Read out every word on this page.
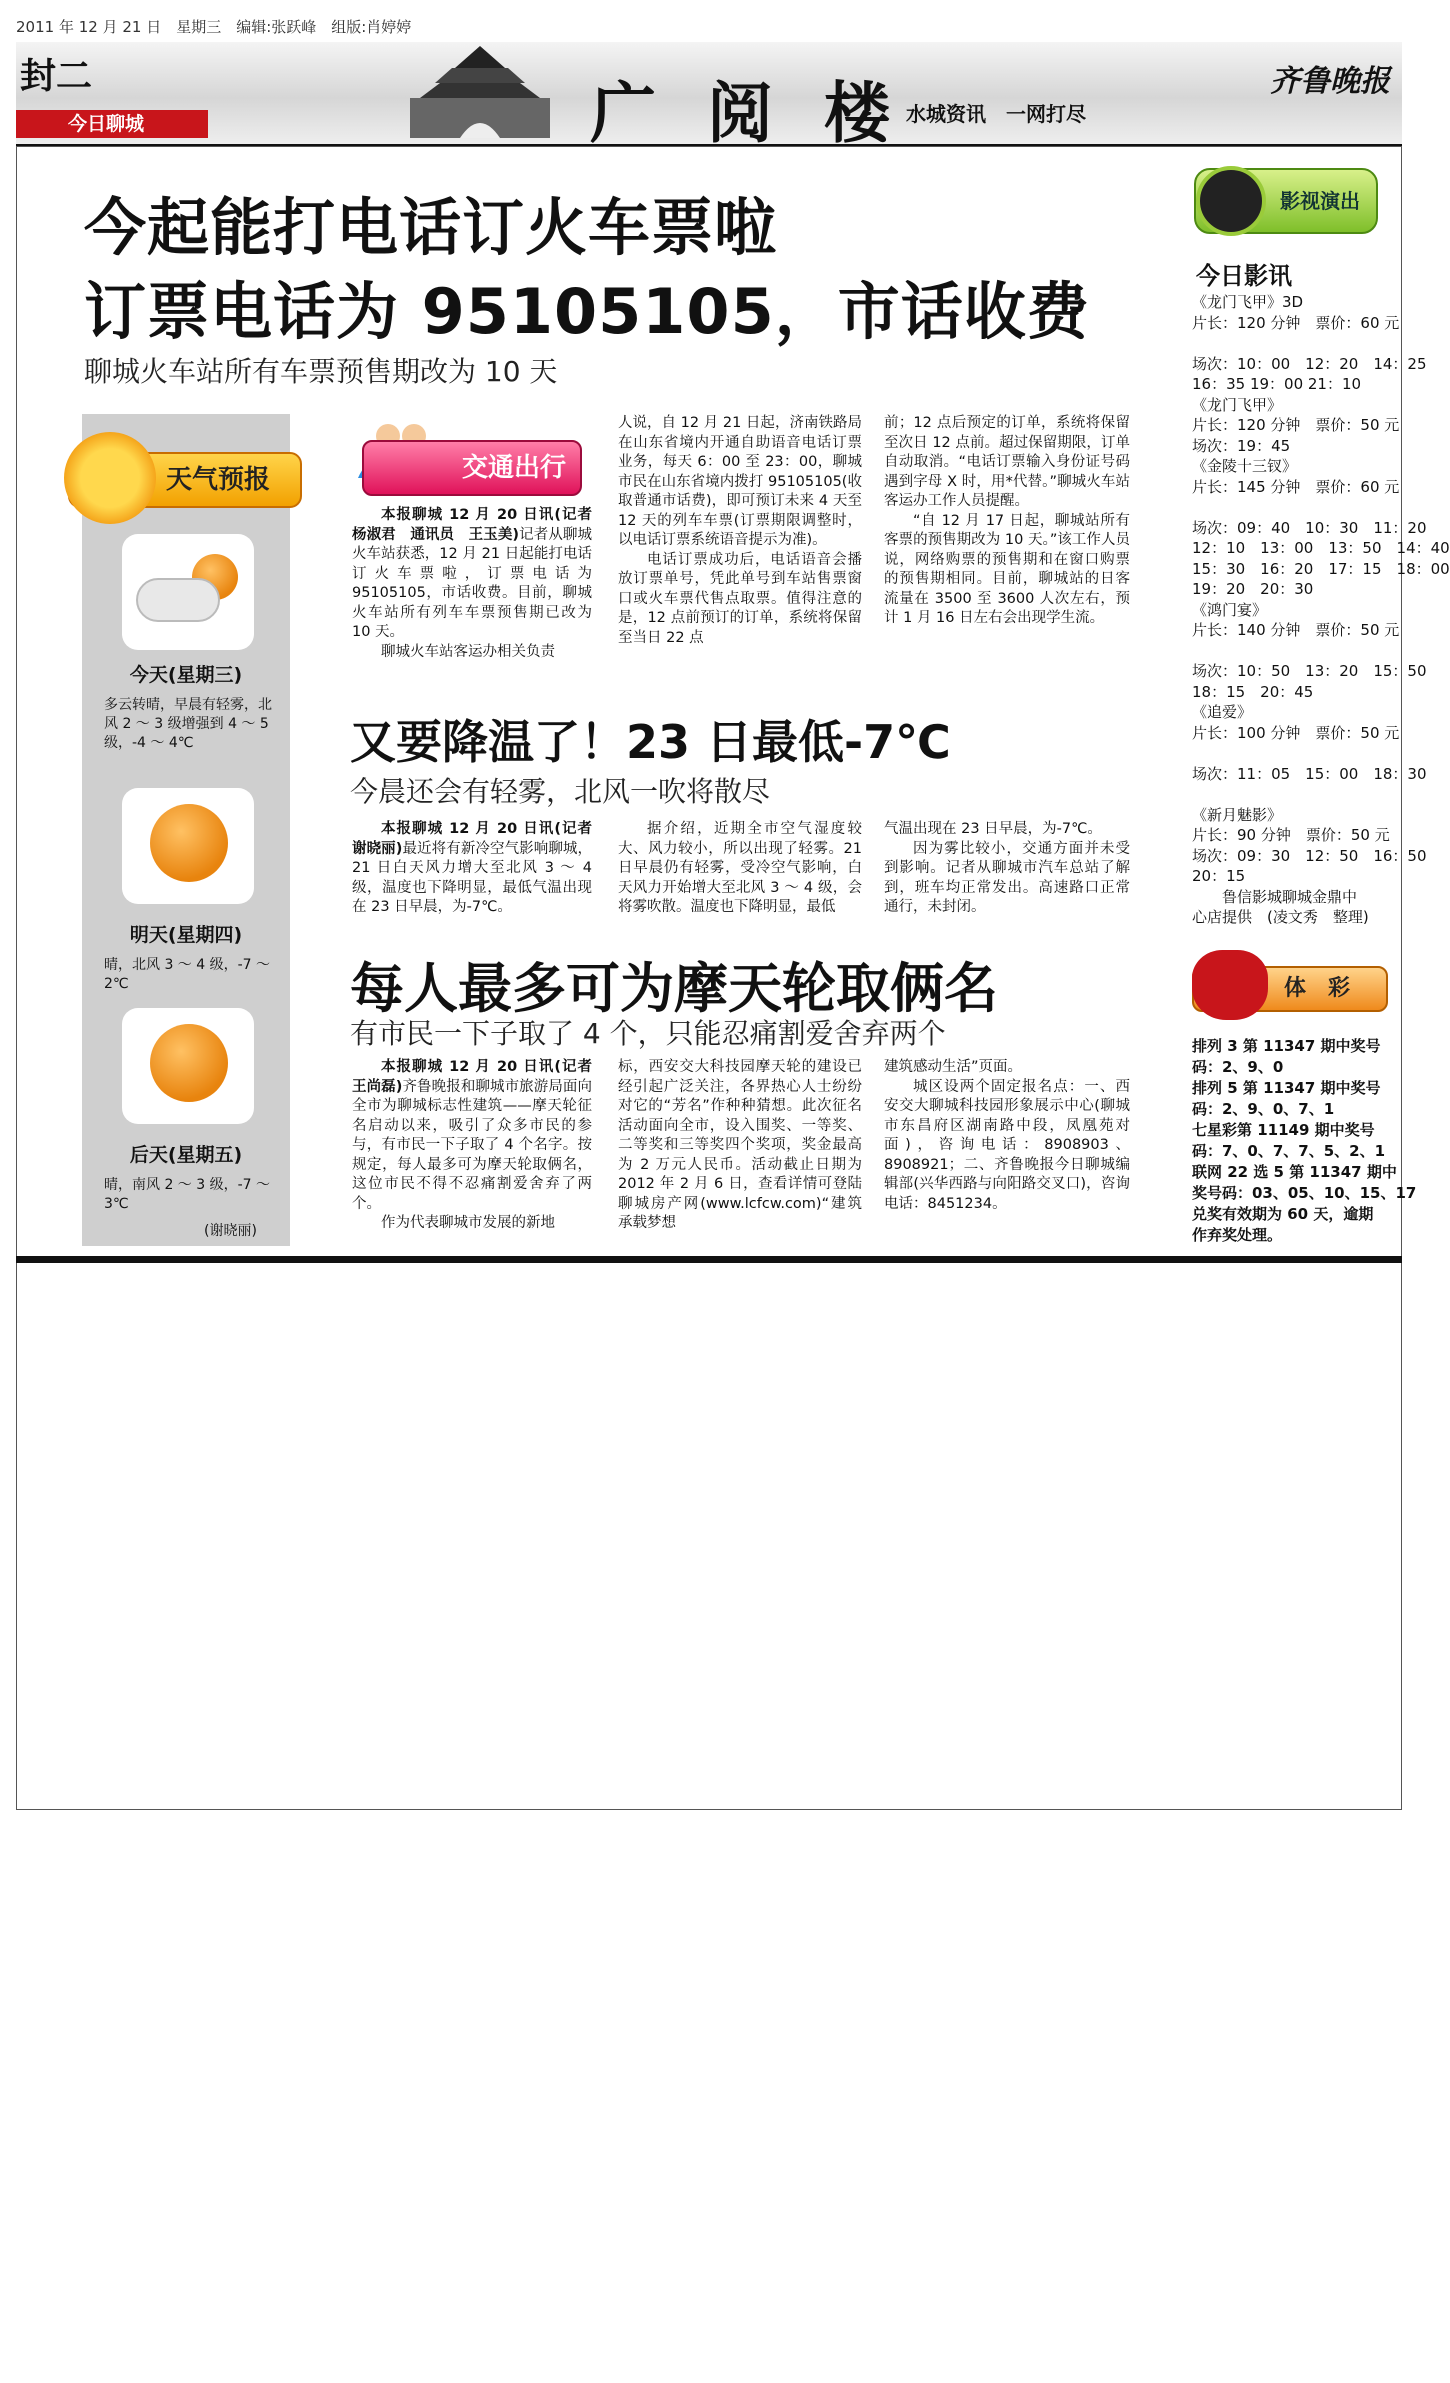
2011 年 12 月 21 日　星期三　编辑:张跃峰　组版:肖婷婷
封二
今日聊城	广 阅 楼 水城资讯　一网打尽
齐鲁晚报
今起能打电话订火车票啦
订票电话为 95105105，市话收费
聊城火车站所有车票预售期改为 10 天
天气预报
今天(星期三)
多云转晴，早晨有轻雾，北风 2 ～ 3 级增强到 4 ～ 5 级，-4 ～ 4℃
明天(星期四)
晴，北风 3 ～ 4 级，-7 ～ 2℃
后天(星期五)
晴，南风 2 ～ 3 级，-7 ～ 3℃
(谢晓丽)
交通出行

本报聊城 12 月 20 日讯(记者 杨淑君　通讯员　王玉美)记者从聊城火车站获悉，12 月 21 日起能打电话订火车票啦，订票电话为 95105105，市话收费。目前，聊城火车站所有列车车票预售期已改为 10 天。

聊城火车站客运办相关负责

人说，自 12 月 21 日起，济南铁路局在山东省境内开通自助语音电话订票业务，每天 6：00 至 23：00，聊城市民在山东省境内拨打 95105105(收取普通市话费)，即可预订未来 4 天至 12 天的列车车票(订票期限调整时，以电话订票系统语音提示为准)。

电话订票成功后，电话语音会播放订票单号，凭此单号到车站售票窗口或火车票代售点取票。值得注意的是，12 点前预订的订单，系统将保留至当日 22 点

前；12 点后预定的订单，系统将保留至次日 12 点前。超过保留期限，订单自动取消。“电话订票输入身份证号码遇到字母 X 时，用*代替。”聊城火车站客运办工作人员提醒。

“自 12 月 17 日起，聊城站所有客票的预售期改为 10 天。”该工作人员说，网络购票的预售期和在窗口购票的预售期相同。目前，聊城站的日客流量在 3500 至 3600 人次左右，预计 1 月 16 日左右会出现学生流。

又要降温了！23 日最低-7℃
今晨还会有轻雾，北风一吹将散尽

本报聊城 12 月 20 日讯(记者 谢晓丽)最近将有新冷空气影响聊城，21 日白天风力增大至北风 3 ～ 4 级，温度也下降明显，最低气温出现在 23 日早晨，为-7℃。

据介绍，近期全市空气湿度较大、风力较小，所以出现了轻雾。21 日早晨仍有轻雾，受冷空气影响，白天风力开始增大至北风 3 ～ 4 级，会将雾吹散。温度也下降明显，最低

气温出现在 23 日早晨，为-7℃。

因为雾比较小，交通方面并未受到影响。记者从聊城市汽车总站了解到，班车均正常发出。高速路口正常通行，未封闭。

每人最多可为摩天轮取俩名
有市民一下子取了 4 个，只能忍痛割爱舍弃两个

本报聊城 12 月 20 日讯(记者 王尚磊)齐鲁晚报和聊城市旅游局面向全市为聊城标志性建筑——摩天轮征名启动以来，吸引了众多市民的参与，有市民一下子取了 4 个名字。按规定，每人最多可为摩天轮取俩名，这位市民不得不忍痛割爱舍弃了两个。

作为代表聊城市发展的新地

标，西安交大科技园摩天轮的建设已经引起广泛关注，各界热心人士纷纷对它的“芳名”作种种猜想。此次征名活动面向全市，设入围奖、一等奖、二等奖和三等奖四个奖项，奖金最高为 2 万元人民币。活动截止日期为 2012 年 2 月 6 日，查看详情可登陆聊城房产网(www.lcfcw.com)“建筑承载梦想

建筑感动生活”页面。

城区设两个固定报名点：一、西安交大聊城科技园形象展示中心(聊城市东昌府区湖南路中段，凤凰苑对面)，咨询电话：8908903、8908921；二、齐鲁晚报今日聊城编辑部(兴华西路与向阳路交叉口)，咨询电话：8451234。

影视演出
今日影讯
《龙门飞甲》3D
片长：120 分钟　票价：60 元

场次：10：00　12：20　14：25
16：35 19：00 21：10
《龙门飞甲》
片长：120 分钟　票价：50 元
场次：19：45
《金陵十三钗》
片长：145 分钟　票价：60 元

场次：09：40　10：30　11：20
12：10　13：00　13：50　14：40
15：30　16：20　17：15　18：00
19：20　20：30
《鸿门宴》
片长：140 分钟　票价：50 元

场次：10：50　13：20　15：50
18：15　20：45
《追爱》
片长：100 分钟　票价：50 元

场次：11：05　15：00　18：30

《新月魅影》
片长：90 分钟　票价：50 元
场次：09：30　12：50　16：50
20：15
　　鲁信影城聊城金鼎中
心店提供　(凌文秀　整理)
体　彩
排列 3 第 11347 期中奖号
码：2、9、0
排列 5 第 11347 期中奖号
码：2、9、0、7、1
七星彩第 11149 期中奖号
码：7、0、7、7、5、2、1
联网 22 选 5 第 11347 期中
奖号码：03、05、10、15、17
兑奖有效期为 60 天，逾期
作弃奖处理。
